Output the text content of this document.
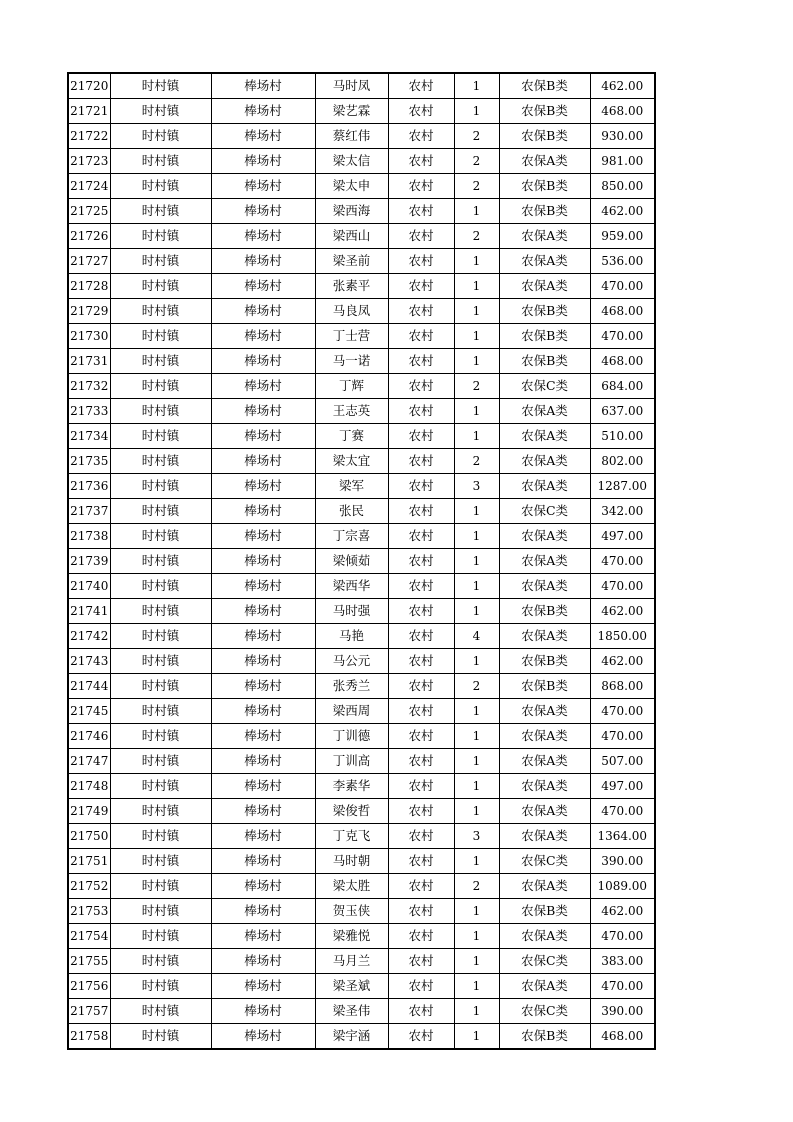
21720	时村镇	棒场村	马时凤	农村	1	农保B类	462.00
21721	时村镇	棒场村	梁艺霖	农村	1	农保B类	468.00
21722	时村镇	棒场村	蔡红伟	农村	2	农保B类	930.00
21723	时村镇	棒场村	梁太信	农村	2	农保A类	981.00
21724	时村镇	棒场村	梁太申	农村	2	农保B类	850.00
21725	时村镇	棒场村	梁西海	农村	1	农保B类	462.00
21726	时村镇	棒场村	梁西山	农村	2	农保A类	959.00
21727	时村镇	棒场村	梁圣前	农村	1	农保A类	536.00
21728	时村镇	棒场村	张素平	农村	1	农保A类	470.00
21729	时村镇	棒场村	马良凤	农村	1	农保B类	468.00
21730	时村镇	棒场村	丁士营	农村	1	农保B类	470.00
21731	时村镇	棒场村	马一诺	农村	1	农保B类	468.00
21732	时村镇	棒场村	丁辉	农村	2	农保C类	684.00
21733	时村镇	棒场村	王志英	农村	1	农保A类	637.00
21734	时村镇	棒场村	丁赛	农村	1	农保A类	510.00
21735	时村镇	棒场村	梁太宜	农村	2	农保A类	802.00
21736	时村镇	棒场村	梁军	农村	3	农保A类	1287.00
21737	时村镇	棒场村	张民	农村	1	农保C类	342.00
21738	时村镇	棒场村	丁宗喜	农村	1	农保A类	497.00
21739	时村镇	棒场村	梁倾茹	农村	1	农保A类	470.00
21740	时村镇	棒场村	梁西华	农村	1	农保A类	470.00
21741	时村镇	棒场村	马时强	农村	1	农保B类	462.00
21742	时村镇	棒场村	马艳	农村	4	农保A类	1850.00
21743	时村镇	棒场村	马公元	农村	1	农保B类	462.00
21744	时村镇	棒场村	张秀兰	农村	2	农保B类	868.00
21745	时村镇	棒场村	梁西周	农村	1	农保A类	470.00
21746	时村镇	棒场村	丁训德	农村	1	农保A类	470.00
21747	时村镇	棒场村	丁训高	农村	1	农保A类	507.00
21748	时村镇	棒场村	李素华	农村	1	农保A类	497.00
21749	时村镇	棒场村	梁俊哲	农村	1	农保A类	470.00
21750	时村镇	棒场村	丁克飞	农村	3	农保A类	1364.00
21751	时村镇	棒场村	马时朝	农村	1	农保C类	390.00
21752	时村镇	棒场村	梁太胜	农村	2	农保A类	1089.00
21753	时村镇	棒场村	贺玉侠	农村	1	农保B类	462.00
21754	时村镇	棒场村	梁雅悦	农村	1	农保A类	470.00
21755	时村镇	棒场村	马月兰	农村	1	农保C类	383.00
21756	时村镇	棒场村	梁圣斌	农村	1	农保A类	470.00
21757	时村镇	棒场村	梁圣伟	农村	1	农保C类	390.00
21758	时村镇	棒场村	梁宇涵	农村	1	农保B类	468.00
